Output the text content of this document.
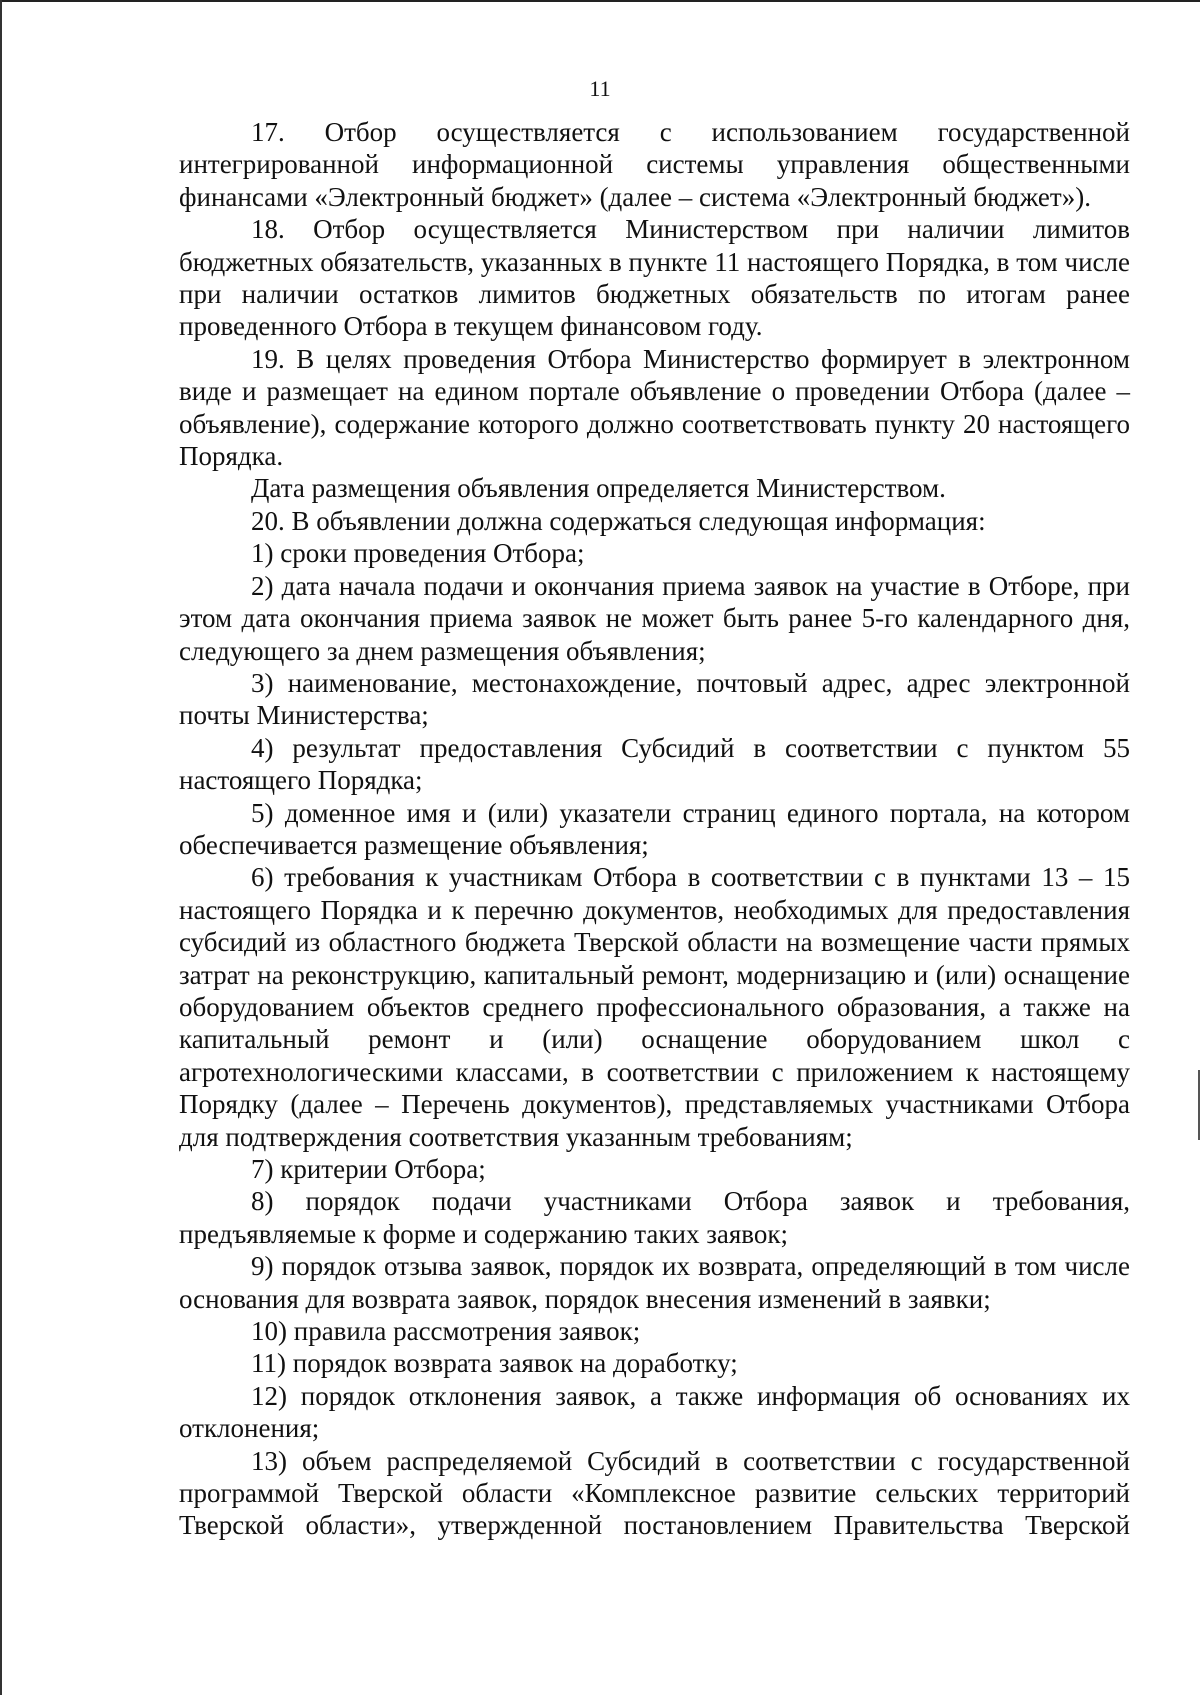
11

17. Отбор осуществляется с использованием государственной интегрированной информационной системы управления общественными финансами «Электронный бюджет» (далее – система «Электронный бюджет»).

18. Отбор осуществляется Министерством при наличии лимитов бюджетных обязательств, указанных в пункте 11 настоящего Порядка, в том числе при наличии остатков лимитов бюджетных обязательств по итогам ранее проведенного Отбора в текущем финансовом году.

19. В целях проведения Отбора Министерство формирует в электронном виде и размещает на едином портале объявление о проведении Отбора (далее – объявление), содержание которого должно соответствовать пункту 20 настоящего Порядка.

Дата размещения объявления определяется Министерством.

20. В объявлении должна содержаться следующая информация:

1) сроки проведения Отбора;

2) дата начала подачи и окончания приема заявок на участие в Отборе, при этом дата окончания приема заявок не может быть ранее 5-го календарного дня, следующего за днем размещения объявления;

3) наименование, местонахождение, почтовый адрес, адрес электронной почты Министерства;

4) результат предоставления Субсидий в соответствии с пунктом 55 настоящего Порядка;

5) доменное имя и (или) указатели страниц единого портала, на котором обеспечивается размещение объявления;

6) требования к участникам Отбора в соответствии с в пунктами 13 – 15 настоящего Порядка и к перечню документов, необходимых для предоставления субсидий из областного бюджета Тверской области на возмещение части прямых затрат на реконструкцию, капитальный ремонт, модернизацию и (или) оснащение оборудованием объектов среднего профессионального образования, а также на капитальный ремонт и (или) оснащение оборудованием школ с агротехнологическими классами, в соответствии с приложением к настоящему Порядку (далее – Перечень документов), представляемых участниками Отбора для подтверждения соответствия указанным требованиям;

7) критерии Отбора;

8) порядок подачи участниками Отбора заявок и требования, предъявляемые к форме и содержанию таких заявок;

9) порядок отзыва заявок, порядок их возврата, определяющий в том числе основания для возврата заявок, порядок внесения изменений в заявки;

10) правила рассмотрения заявок;

11) порядок возврата заявок на доработку;

12) порядок отклонения заявок, а также информация об основаниях их отклонения;

13) объем распределяемой Субсидий в соответствии с государственной программой Тверской области «Комплексное развитие сельских территорий Тверской области», утвержденной постановлением Правительства Тверской
